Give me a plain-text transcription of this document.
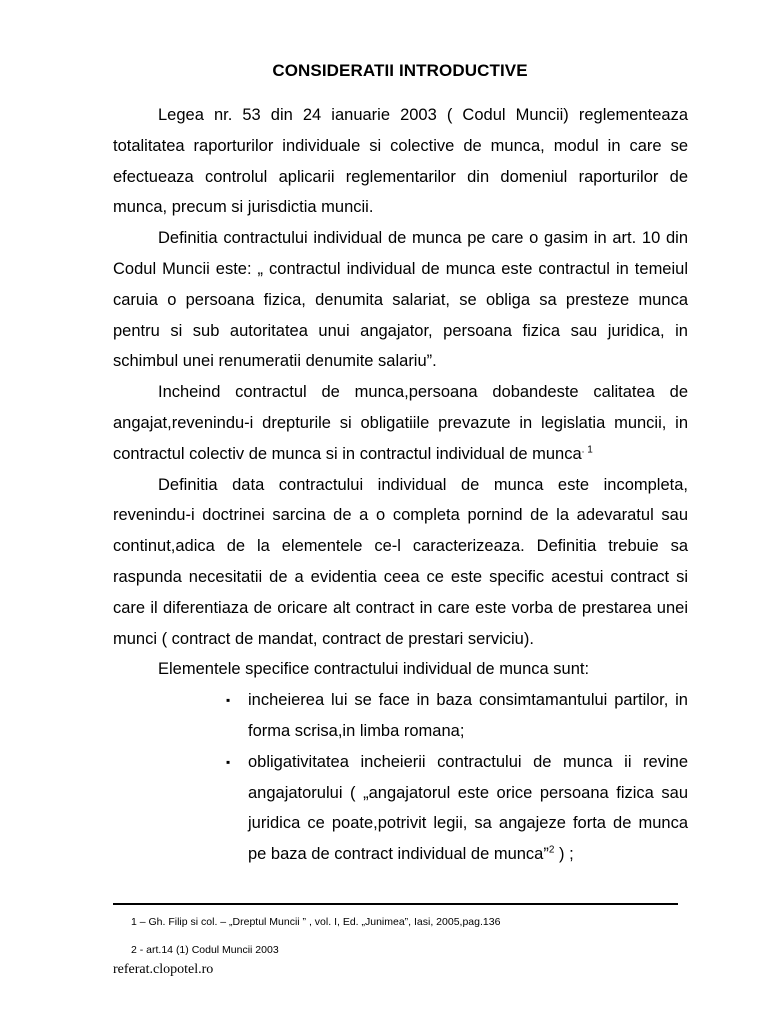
CONSIDERATII INTRODUCTIVE

Legea nr. 53 din 24 ianuarie 2003 ( Codul Muncii) reglementeaza totalitatea raporturilor individuale si colective de munca, modul in care se efectueaza controlul aplicarii reglementarilor din domeniul raporturilor de munca, precum si jurisdictia muncii.

Definitia contractului individual de munca pe care o gasim in art. 10 din Codul Muncii este: „ contractul individual de munca este contractul in temeiul caruia o persoana fizica, denumita salariat, se obliga sa presteze munca pentru si sub autoritatea unui angajator, persoana fizica sau juridica, in schimbul unei renumeratii denumite salariu”.

Incheind contractul de munca,persoana dobandeste calitatea de angajat,revenindu-i drepturile si obligatiile prevazute in legislatia muncii, in contractul colectiv de munca si in contractul individual de munca$^{. 1}$

Definitia data contractului individual de munca este incompleta, revenindu-i doctrinei sarcina de a o completa pornind de la adevaratul sau continut,adica de la elementele ce-l caracterizeaza. Definitia trebuie sa raspunda necesitatii de a evidentia ceea ce este specific acestui contract si care il diferentiaza de oricare alt contract in care este vorba de prestarea unei munci ( contract de mandat, contract de prestari serviciu).

Elementele specifice contractului individual de munca sunt:

▪ incheierea lui se face in baza consimtamantului partilor, in forma scrisa,in limba romana;
▪ obligativitatea incheierii contractului de munca ii revine angajatorului ( „angajatorul este orice persoana fizica sau juridica ce poate,potrivit legii, sa angajeze forta de munca pe baza de contract individual de munca”$^2$ ) ;
1 – Gh. Filip si col. – „Dreptul Muncii ” , vol. I, Ed. „Junimea”, Iasi, 2005,pag.136
2 - art.14 (1) Codul Muncii 2003
referat.clopotel.ro
